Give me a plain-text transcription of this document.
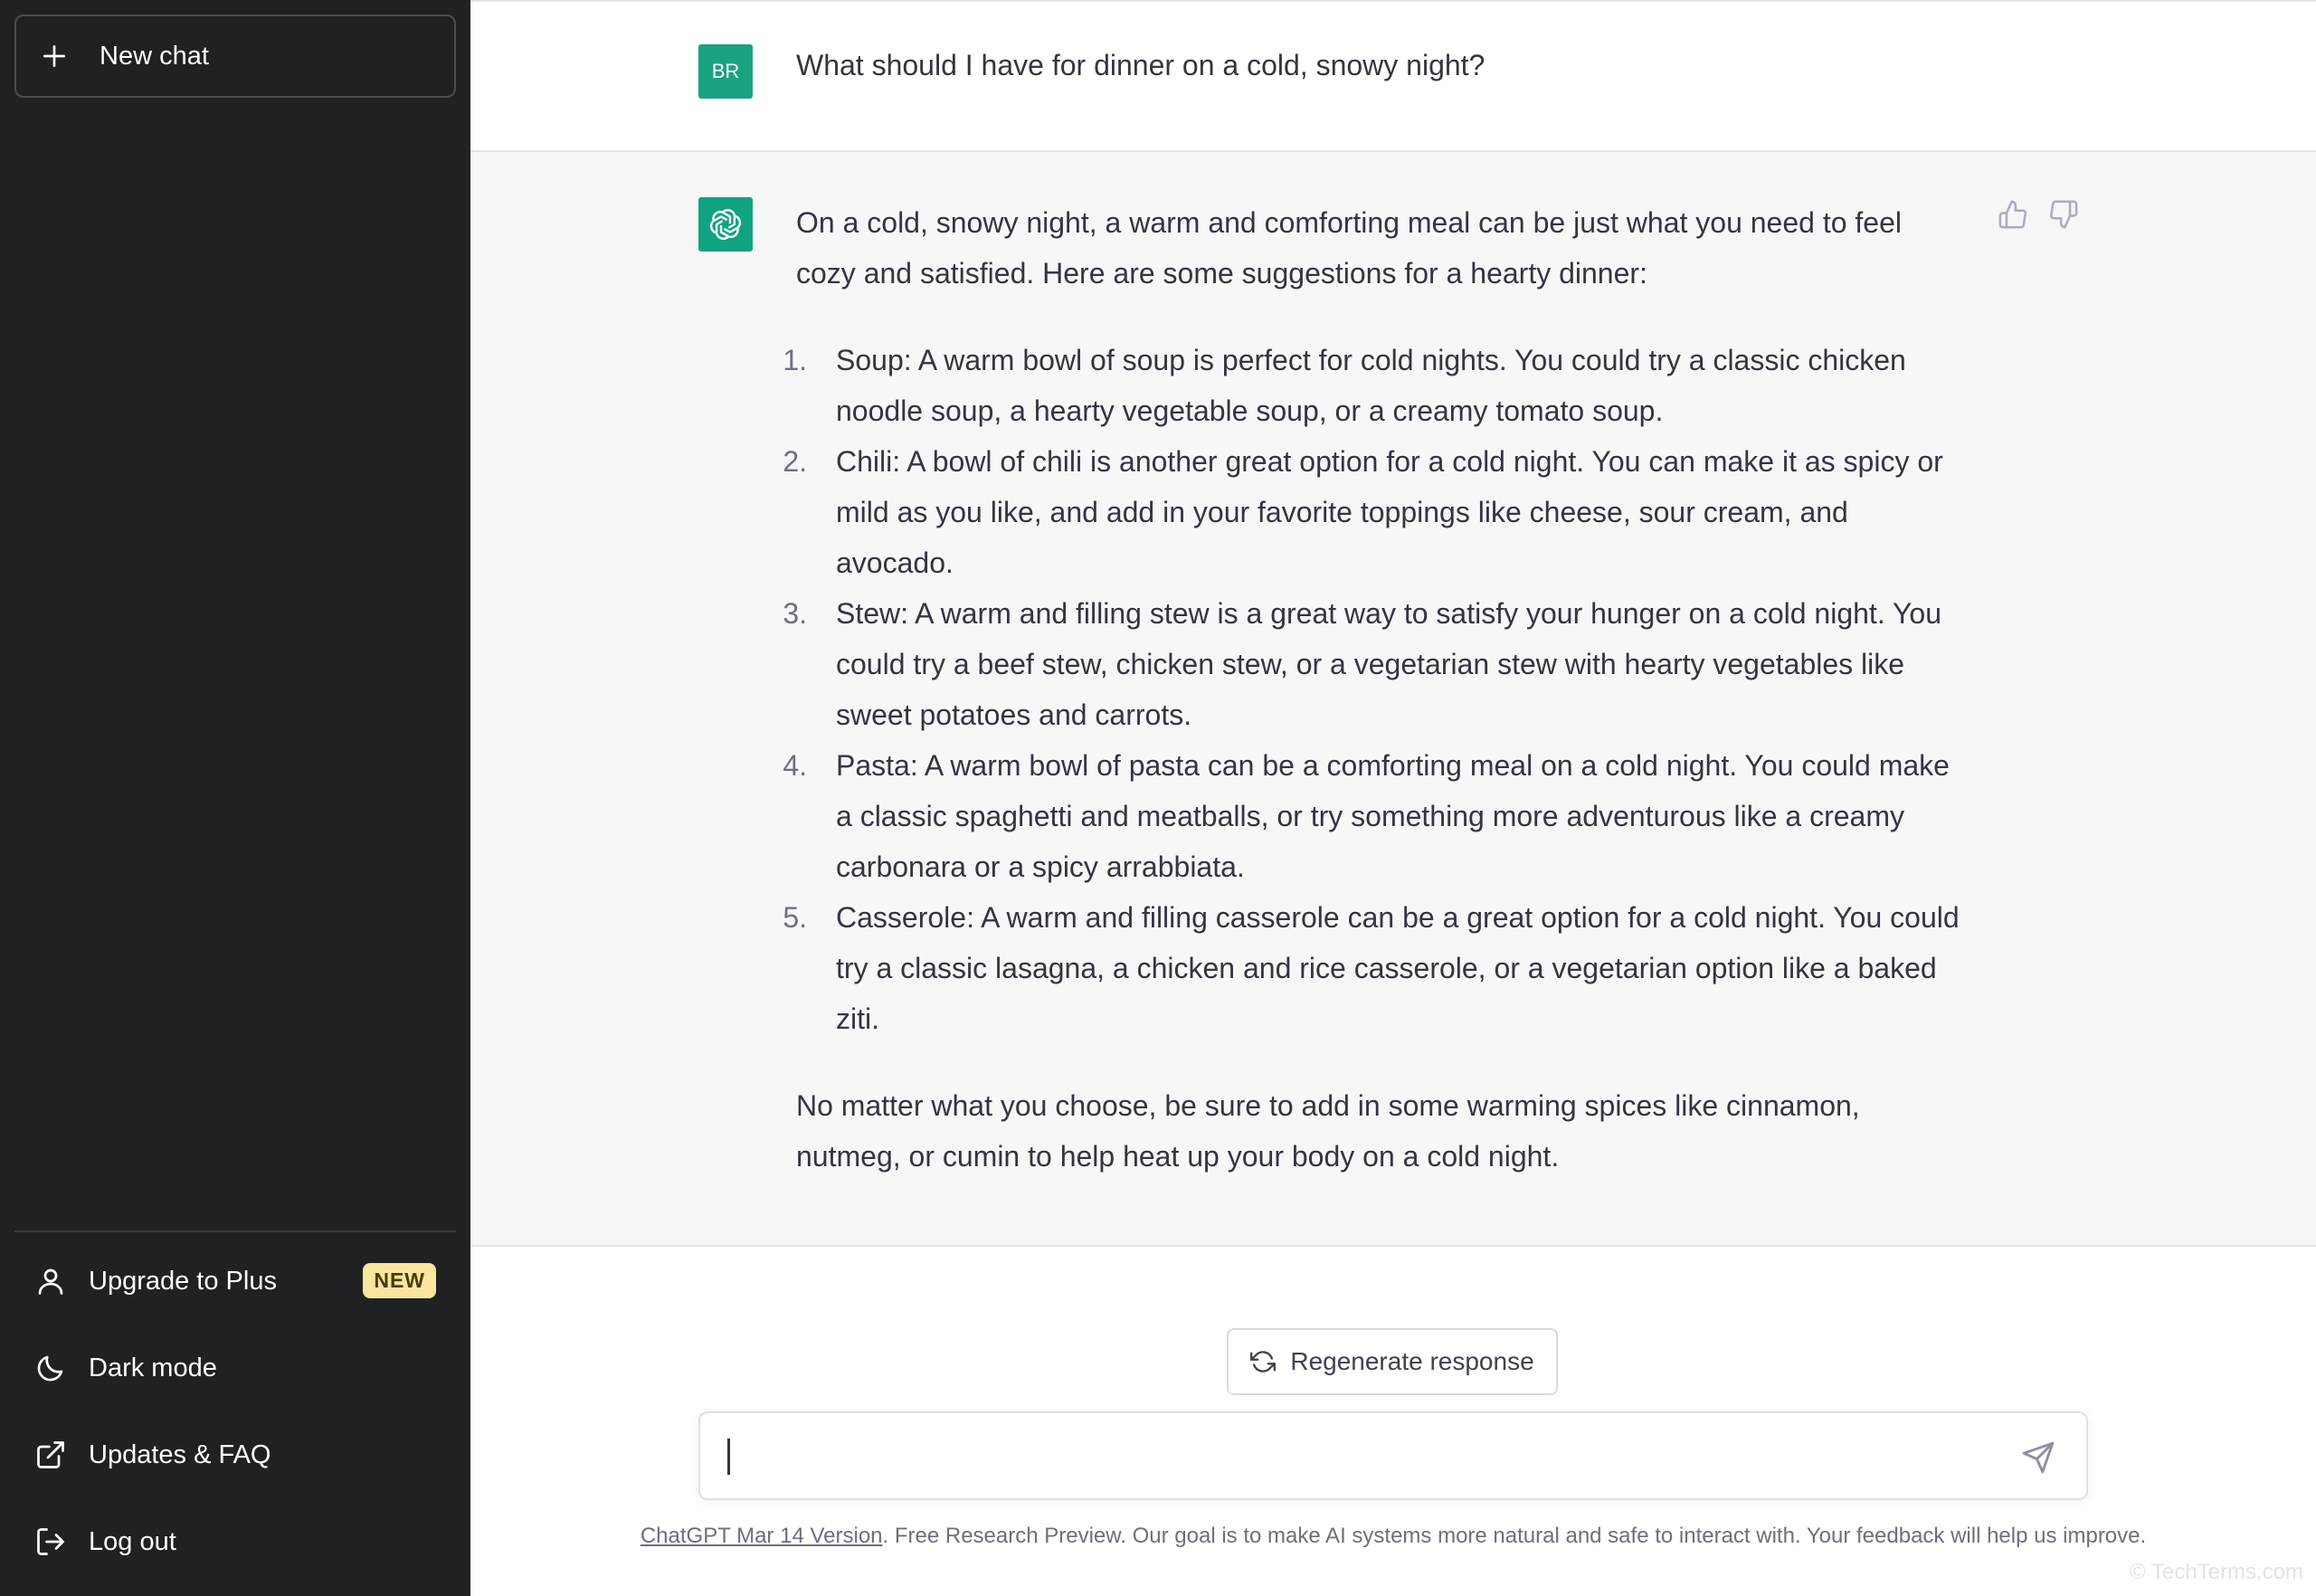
New chat
Upgrade to Plus	NEW
Dark mode
Updates & FAQ
Log out
BR	What should I have for dinner on a cold, snowy night?

On a cold, snowy night, a warm and comforting meal can be just what you need to feel cozy and satisfied. Here are some suggestions for a hearty dinner:

1.	Soup: A warm bowl of soup is perfect for cold nights. You could try a classic chicken noodle soup, a hearty vegetable soup, or a creamy tomato soup.
2.	Chili: A bowl of chili is another great option for a cold night. You can make it as spicy or mild as you like, and add in your favorite toppings like cheese, sour cream, and avocado.
3.	Stew: A warm and filling stew is a great way to satisfy your hunger on a cold night. You could try a beef stew, chicken stew, or a vegetarian stew with hearty vegetables like sweet potatoes and carrots.
4.	Pasta: A warm bowl of pasta can be a comforting meal on a cold night. You could make a classic spaghetti and meatballs, or try something more adventurous like a creamy carbonara or a spicy arrabbiata.
5.	Casserole: A warm and filling casserole can be a great option for a cold night. You could try a classic lasagna, a chicken and rice casserole, or a vegetarian option like a baked ziti.

No matter what you choose, be sure to add in some warming spices like cinnamon, nutmeg, or cumin to help heat up your body on a cold night.

Regenerate response
ChatGPT Mar 14 Version. Free Research Preview. Our goal is to make AI systems more natural and safe to interact with. Your feedback will help us improve.
© TechTerms.com
